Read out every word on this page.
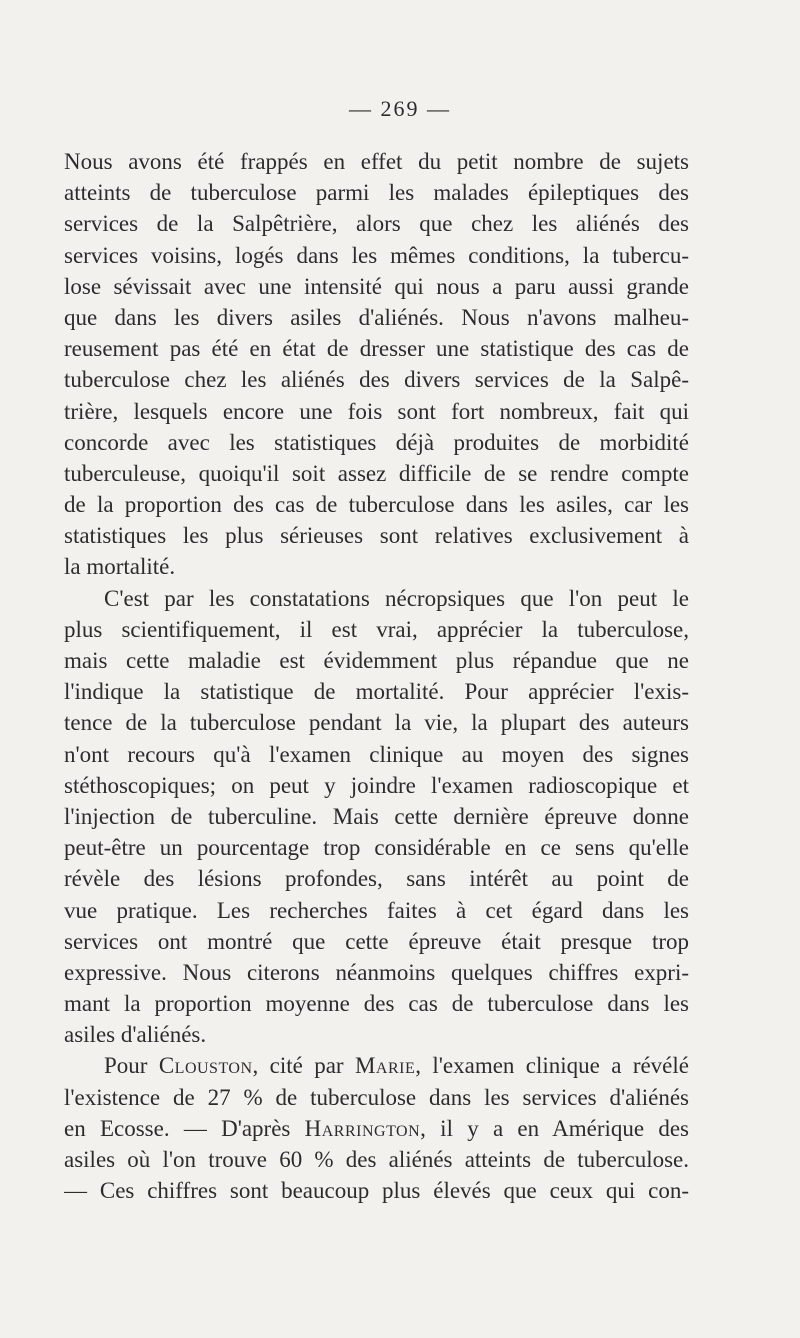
— 269 —
Nous avons été frappés en effet du petit nombre de sujets
atteints de tuberculose parmi les malades épileptiques des
services de la Salpêtrière, alors que chez les aliénés des
services voisins, logés dans les mêmes conditions, la tubercu-
lose sévissait avec une intensité qui nous a paru aussi grande
que dans les divers asiles d'aliénés. Nous n'avons malheu-
reusement pas été en état de dresser une statistique des cas de
tuberculose chez les aliénés des divers services de la Salpê-
trière, lesquels encore une fois sont fort nombreux, fait qui
concorde avec les statistiques déjà produites de morbidité
tuberculeuse, quoiqu'il soit assez difficile de se rendre compte
de la proportion des cas de tuberculose dans les asiles, car les
statistiques les plus sérieuses sont relatives exclusivement à
la mortalité.
C'est par les constatations nécropsiques que l'on peut le
plus scientifiquement, il est vrai, apprécier la tuberculose,
mais cette maladie est évidemment plus répandue que ne
l'indique la statistique de mortalité. Pour apprécier l'exis-
tence de la tuberculose pendant la vie, la plupart des auteurs
n'ont recours qu'à l'examen clinique au moyen des signes
stéthoscopiques; on peut y joindre l'examen radioscopique et
l'injection de tuberculine. Mais cette dernière épreuve donne
peut-être un pourcentage trop considérable en ce sens qu'elle
révèle des lésions profondes, sans intérêt au point de
vue pratique. Les recherches faites à cet égard dans les
services ont montré que cette épreuve était presque trop
expressive. Nous citerons néanmoins quelques chiffres expri-
mant la proportion moyenne des cas de tuberculose dans les
asiles d'aliénés.
Pour Clouston, cité par Marie, l'examen clinique a révélé
l'existence de 27 % de tuberculose dans les services d'aliénés
en Ecosse. — D'après Harrington, il y a en Amérique des
asiles où l'on trouve 60 % des aliénés atteints de tuberculose.
— Ces chiffres sont beaucoup plus élevés que ceux qui con-
